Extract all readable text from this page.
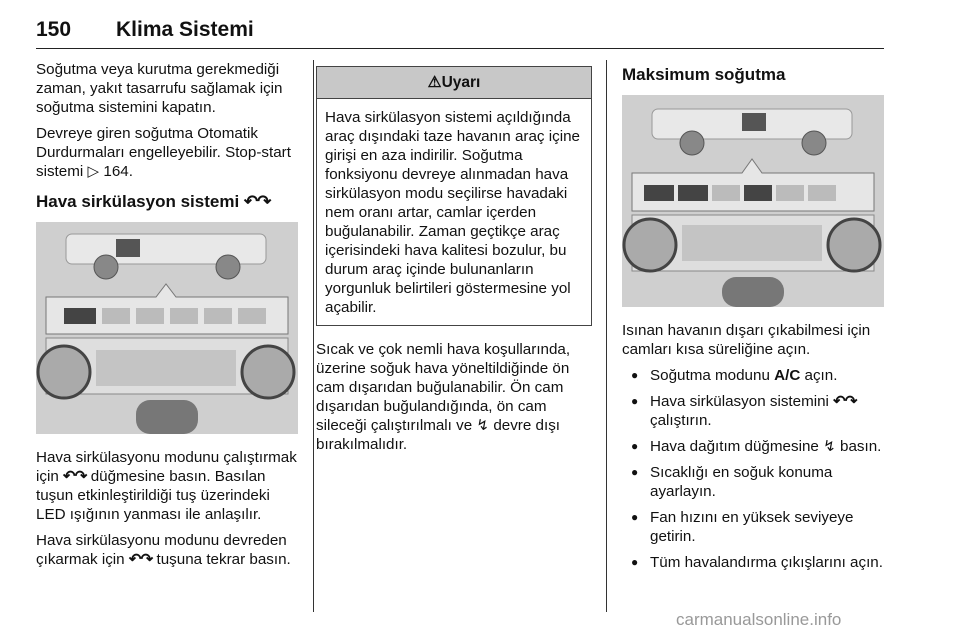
150 Klima Sistemi

Soğutma veya kurutma gerekmediği zaman, yakıt tasarrufu sağlamak için soğutma sistemini kapatın.

Devreye giren soğutma Otomatik Durdurmaları engelleyebilir. Stop-start sistemi ▷ 164.

Hava sirkülasyon sistemi ↶↷

Hava sirkülasyonu modunu çalıştırmak için ↶↷ düğmesine basın. Basılan tuşun etkinleştirildiği tuş üzerindeki LED ışığının yanması ile anlaşılır.

Hava sirkülasyonu modunu devreden çıkarmak için ↶↷ tuşuna tekrar basın.

⚠Uyarı
Hava sirkülasyon sistemi açıldığında araç dışındaki taze havanın araç içine girişi en aza indirilir. Soğutma fonksiyonu devreye alınmadan hava sirkülasyon modu seçilirse havadaki nem oranı artar, camlar içerden buğulanabilir. Zaman geçtikçe araç içerisindeki hava kalitesi bozulur, bu durum araç içinde bulunanların yorgunluk belirtileri göstermesine yol açabilir.

Sıcak ve çok nemli hava koşullarında, üzerine soğuk hava yöneltildiğinde ön cam dışarıdan buğulanabilir. Ön cam dışarıdan buğulandığında, ön cam sileceği çalıştırılmalı ve ↯ devre dışı bırakılmalıdır.

Maksimum soğutma

Isınan havanın dışarı çıkabilmesi için camları kısa süreliğine açın.

● Soğutma modunu A/C açın.
● Hava sirkülasyon sistemini ↶↷ çalıştırın.
● Hava dağıtım düğmesine ↯ basın.
● Sıcaklığı en soğuk konuma ayarlayın.
● Fan hızını en yüksek seviyeye getirin.
● Tüm havalandırma çıkışlarını açın.
carmanualsonline.info
